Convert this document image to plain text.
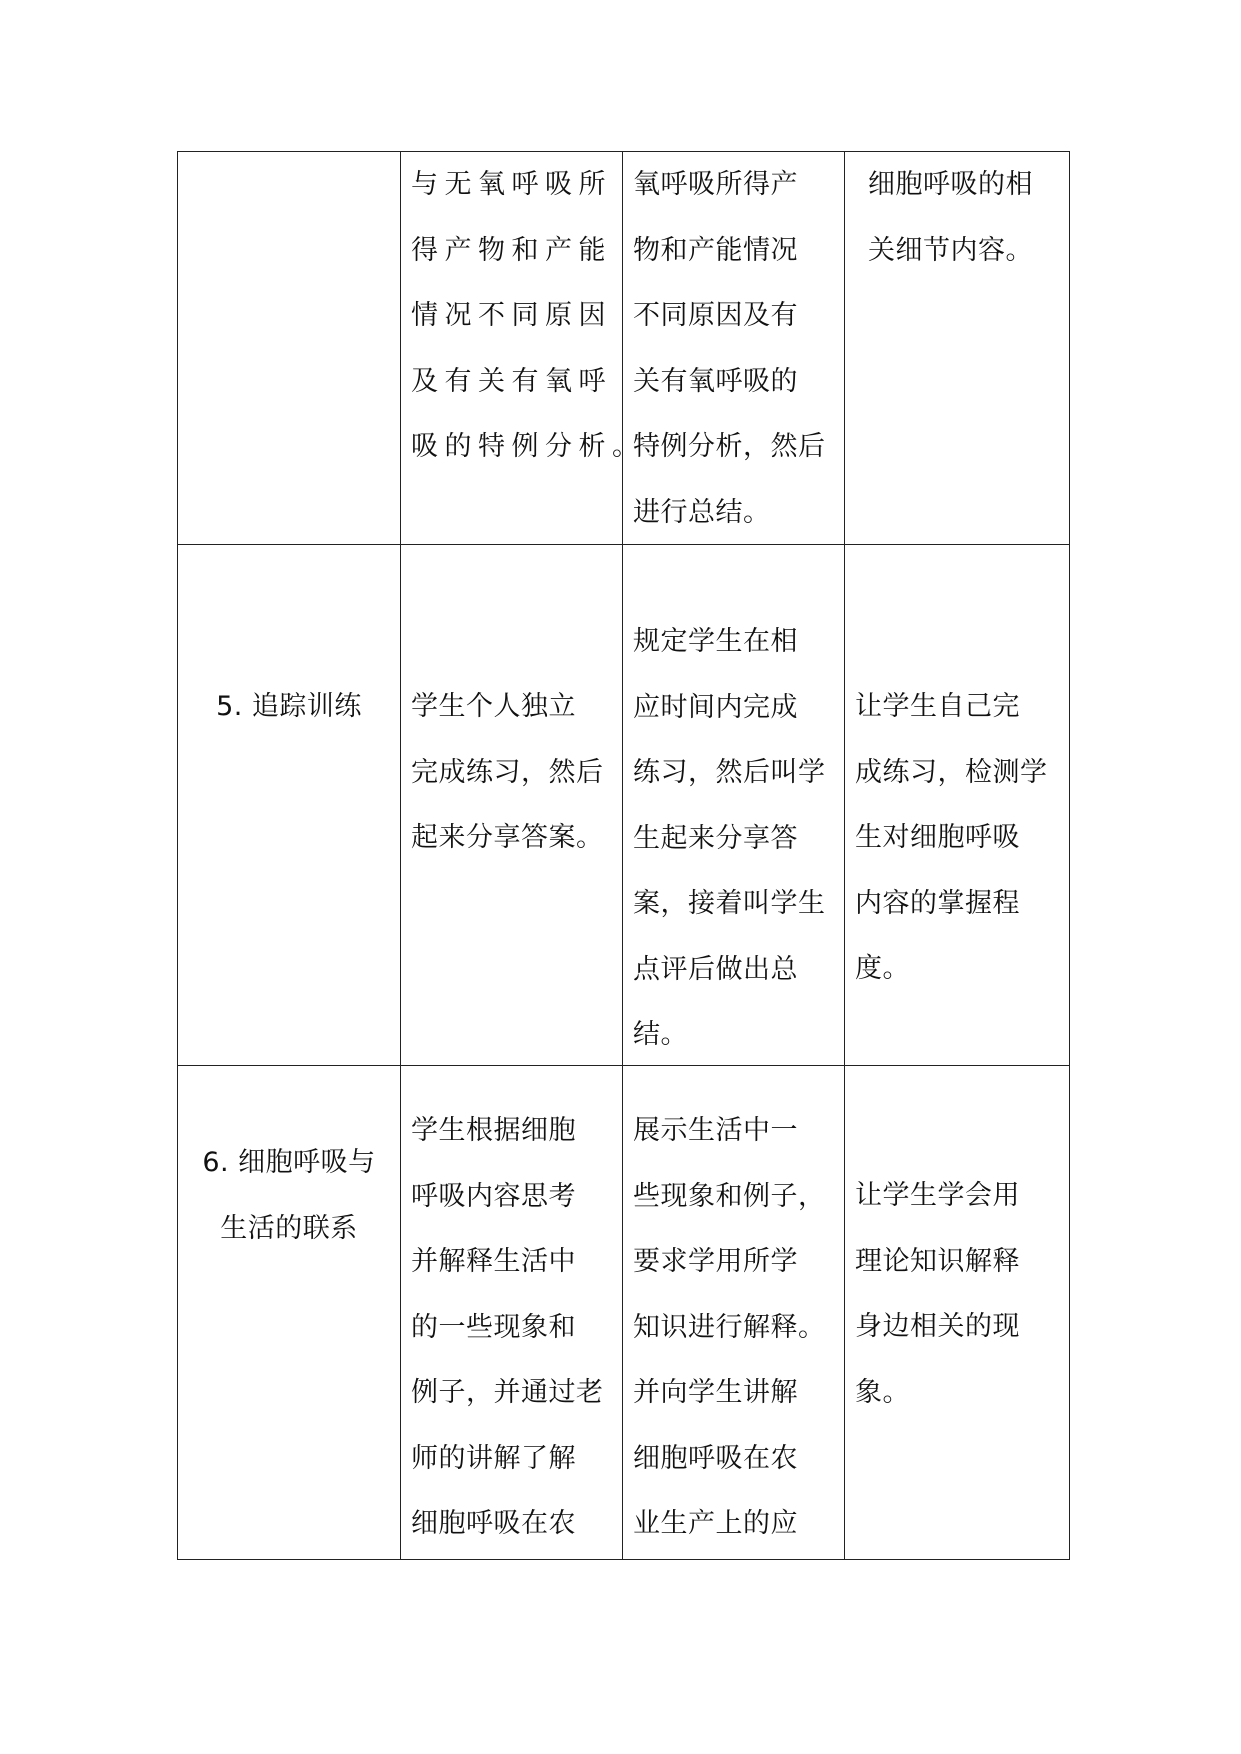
与无氧呼吸所
得产物和产能
情况不同原因
及有关有氧呼
吸的特例分析。
氧呼吸所得产
物和产能情况
不同原因及有
关有氧呼吸的
特例分析，然后
进行总结。
细胞呼吸的相
关细节内容。
5. 追踪训练	学生个人独立
完成练习，然后
起来分享答案。
规定学生在相
应时间内完成
练习，然后叫学
生起来分享答
案，接着叫学生
点评后做出总
结。
让学生自己完
成练习，检测学
生对细胞呼吸
内容的掌握程
度。
6. 细胞呼吸与
生活的联系
学生根据细胞
呼吸内容思考
并解释生活中
的一些现象和
例子，并通过老
师的讲解了解
细胞呼吸在农
展示生活中一
些现象和例子，
要求学用所学
知识进行解释。
并向学生讲解
细胞呼吸在农
业生产上的应
让学生学会用
理论知识解释
身边相关的现
象。
